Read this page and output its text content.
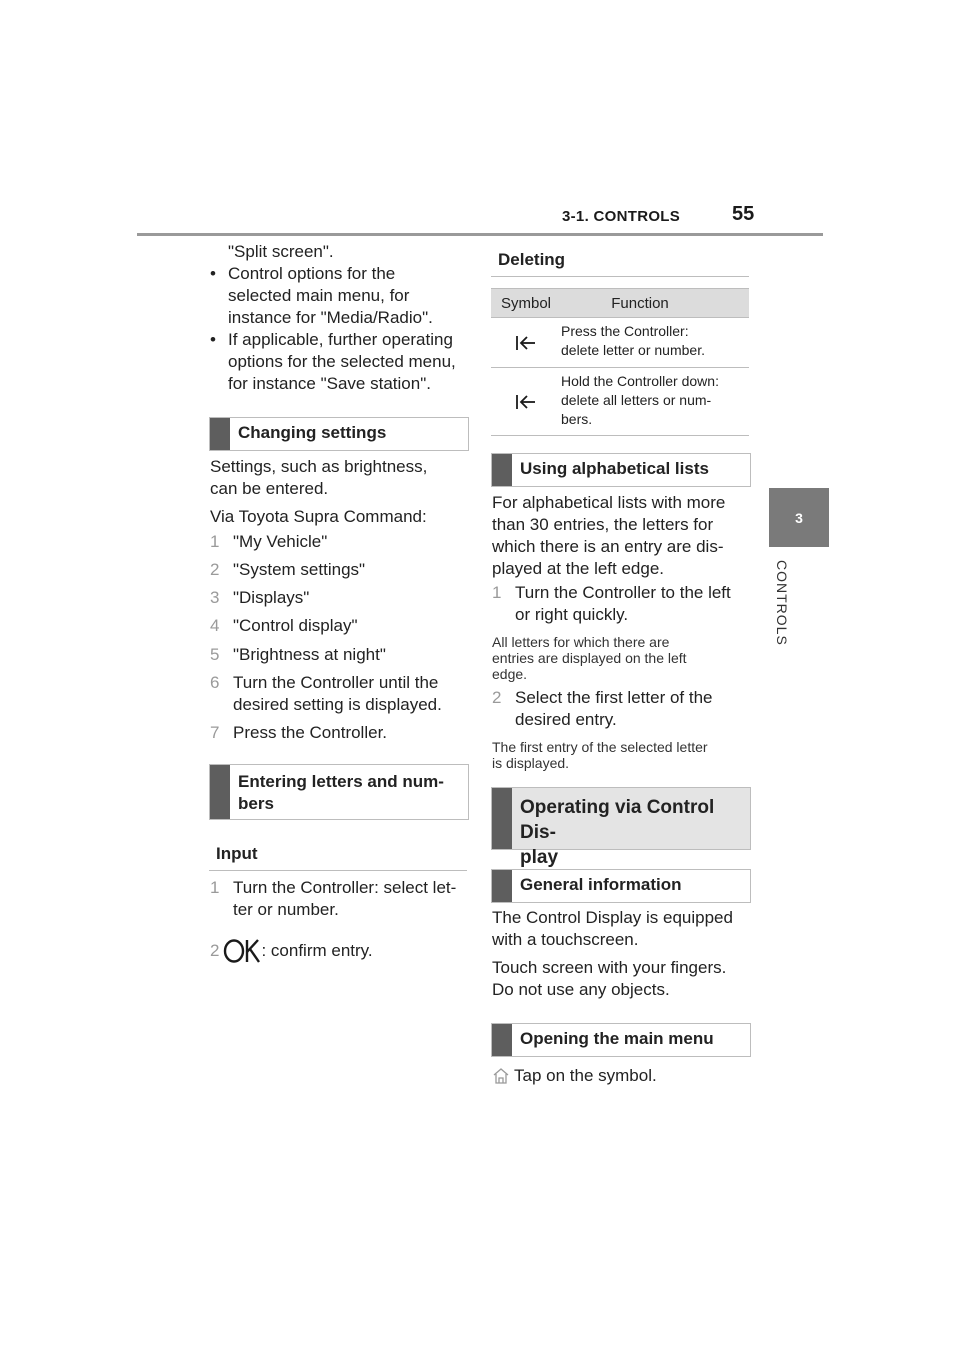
3-1. CONTROLS	55
3
CONTROLS
"Split screen".
• Control options for the
selected main menu, for
instance for "Media/Radio".
• If applicable, further operating
options for the selected menu,
for instance "Save station".
Changing settings
Settings, such as brightness,
can be entered.
Via Toyota Supra Command:
1 "My Vehicle"
2 "System settings"
3 "Displays"
4 "Control display"
5 "Brightness at night"
6 Turn the Controller until the
desired setting is displayed.
7 Press the Controller.
Entering letters and num-
bers
Input
1 Turn the Controller: select let-
ter or number.
2 : confirm entry.
Deleting
Symbol	Function
Press the Controller:
delete letter or number.
Hold the Controller down:
delete all letters or num-
bers.
Using alphabetical lists
For alphabetical lists with more
than 30 entries, the letters for
which there is an entry are dis-
played at the left edge.
1 Turn the Controller to the left
or right quickly.
All letters for which there are
entries are displayed on the left
edge.
2 Select the first letter of the
desired entry.
The first entry of the selected letter
is displayed.
Operating via Control Dis-
play
General information
The Control Display is equipped
with a touchscreen.
Touch screen with your fingers.
Do not use any objects.
Opening the main menu
Tap on the symbol.
